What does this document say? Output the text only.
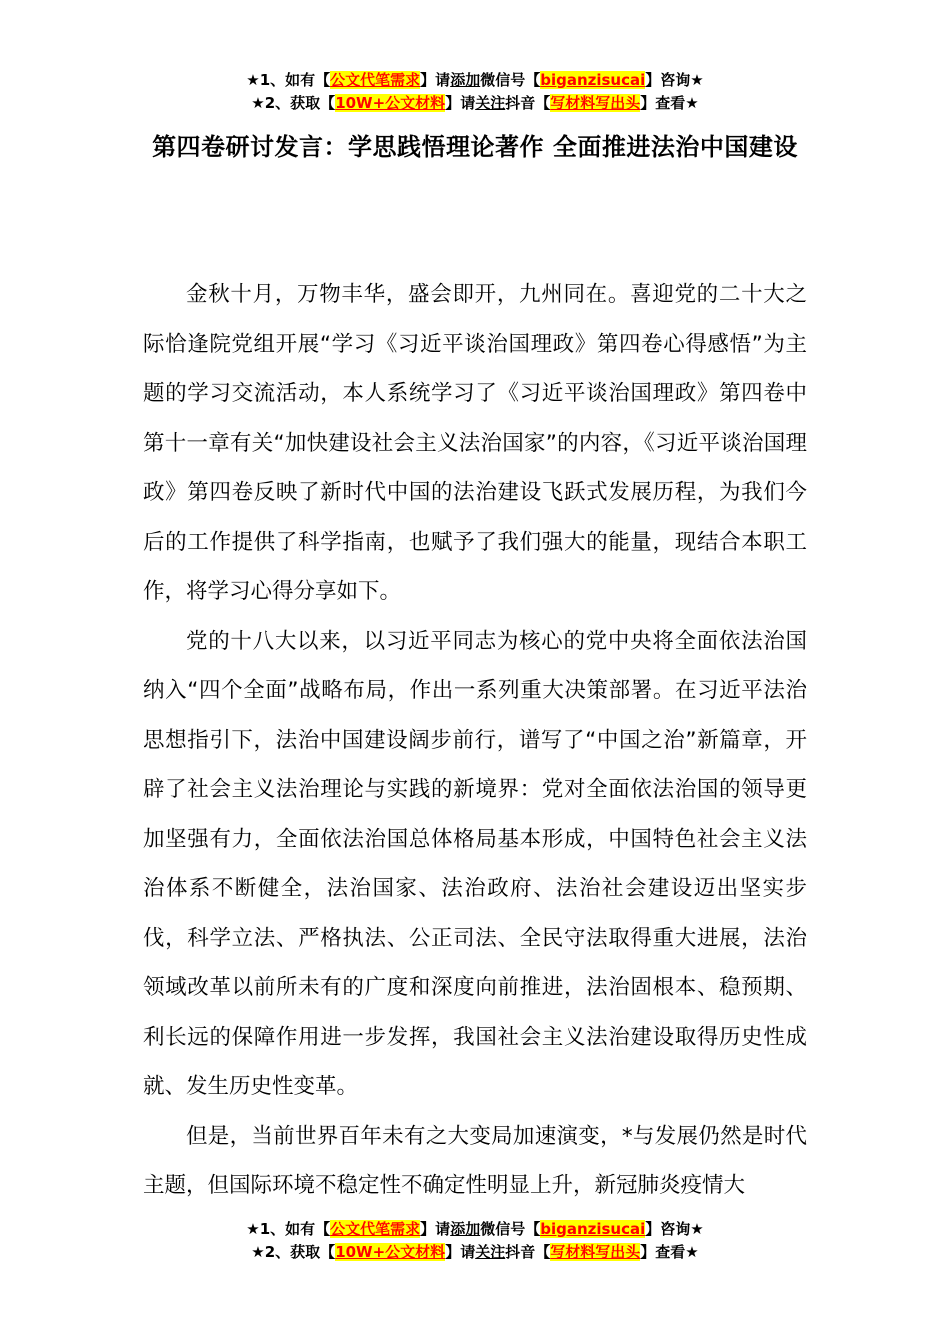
★1、如有【公文代笔需求】请添加微信号【biganzisucai】咨询★
★2、获取【10W+公文材料】请关注抖音【写材料写出头】查看★
第四卷研讨发言：学思践悟理论著作 全面推进法治中国建设

金秋十月，万物丰华，盛会即开，九州同在。喜迎党的二十大之际恰逢院党组开展“学习《习近平谈治国理政》第四卷心得感悟”为主题的学习交流活动，本人系统学习了《习近平谈治国理政》第四卷中第十一章有关“加快建设社会主义法治国家”的内容，《习近平谈治国理政》第四卷反映了新时代中国的法治建设飞跃式发展历程，为我们今后的工作提供了科学指南，也赋予了我们强大的能量，现结合本职工作，将学习心得分享如下。

党的十八大以来，以习近平同志为核心的党中央将全面依法治国纳入“四个全面”战略布局，作出一系列重大决策部署。在习近平法治思想指引下，法治中国建设阔步前行，谱写了“中国之治”新篇章，开辟了社会主义法治理论与实践的新境界：党对全面依法治国的领导更加坚强有力，全面依法治国总体格局基本形成，中国特色社会主义法治体系不断健全，法治国家、法治政府、法治社会建设迈出坚实步伐，科学立法、严格执法、公正司法、全民守法取得重大进展，法治领域改革以前所未有的广度和深度向前推进，法治固根本、稳预期、利长远的保障作用进一步发挥，我国社会主义法治建设取得历史性成就、发生历史性变革。

但是，当前世界百年未有之大变局加速演变，*与发展仍然是时代主题，但国际环境不稳定性不确定性明显上升，新冠肺炎疫情大

★1、如有【公文代笔需求】请添加微信号【biganzisucai】咨询★
★2、获取【10W+公文材料】请关注抖音【写材料写出头】查看★
